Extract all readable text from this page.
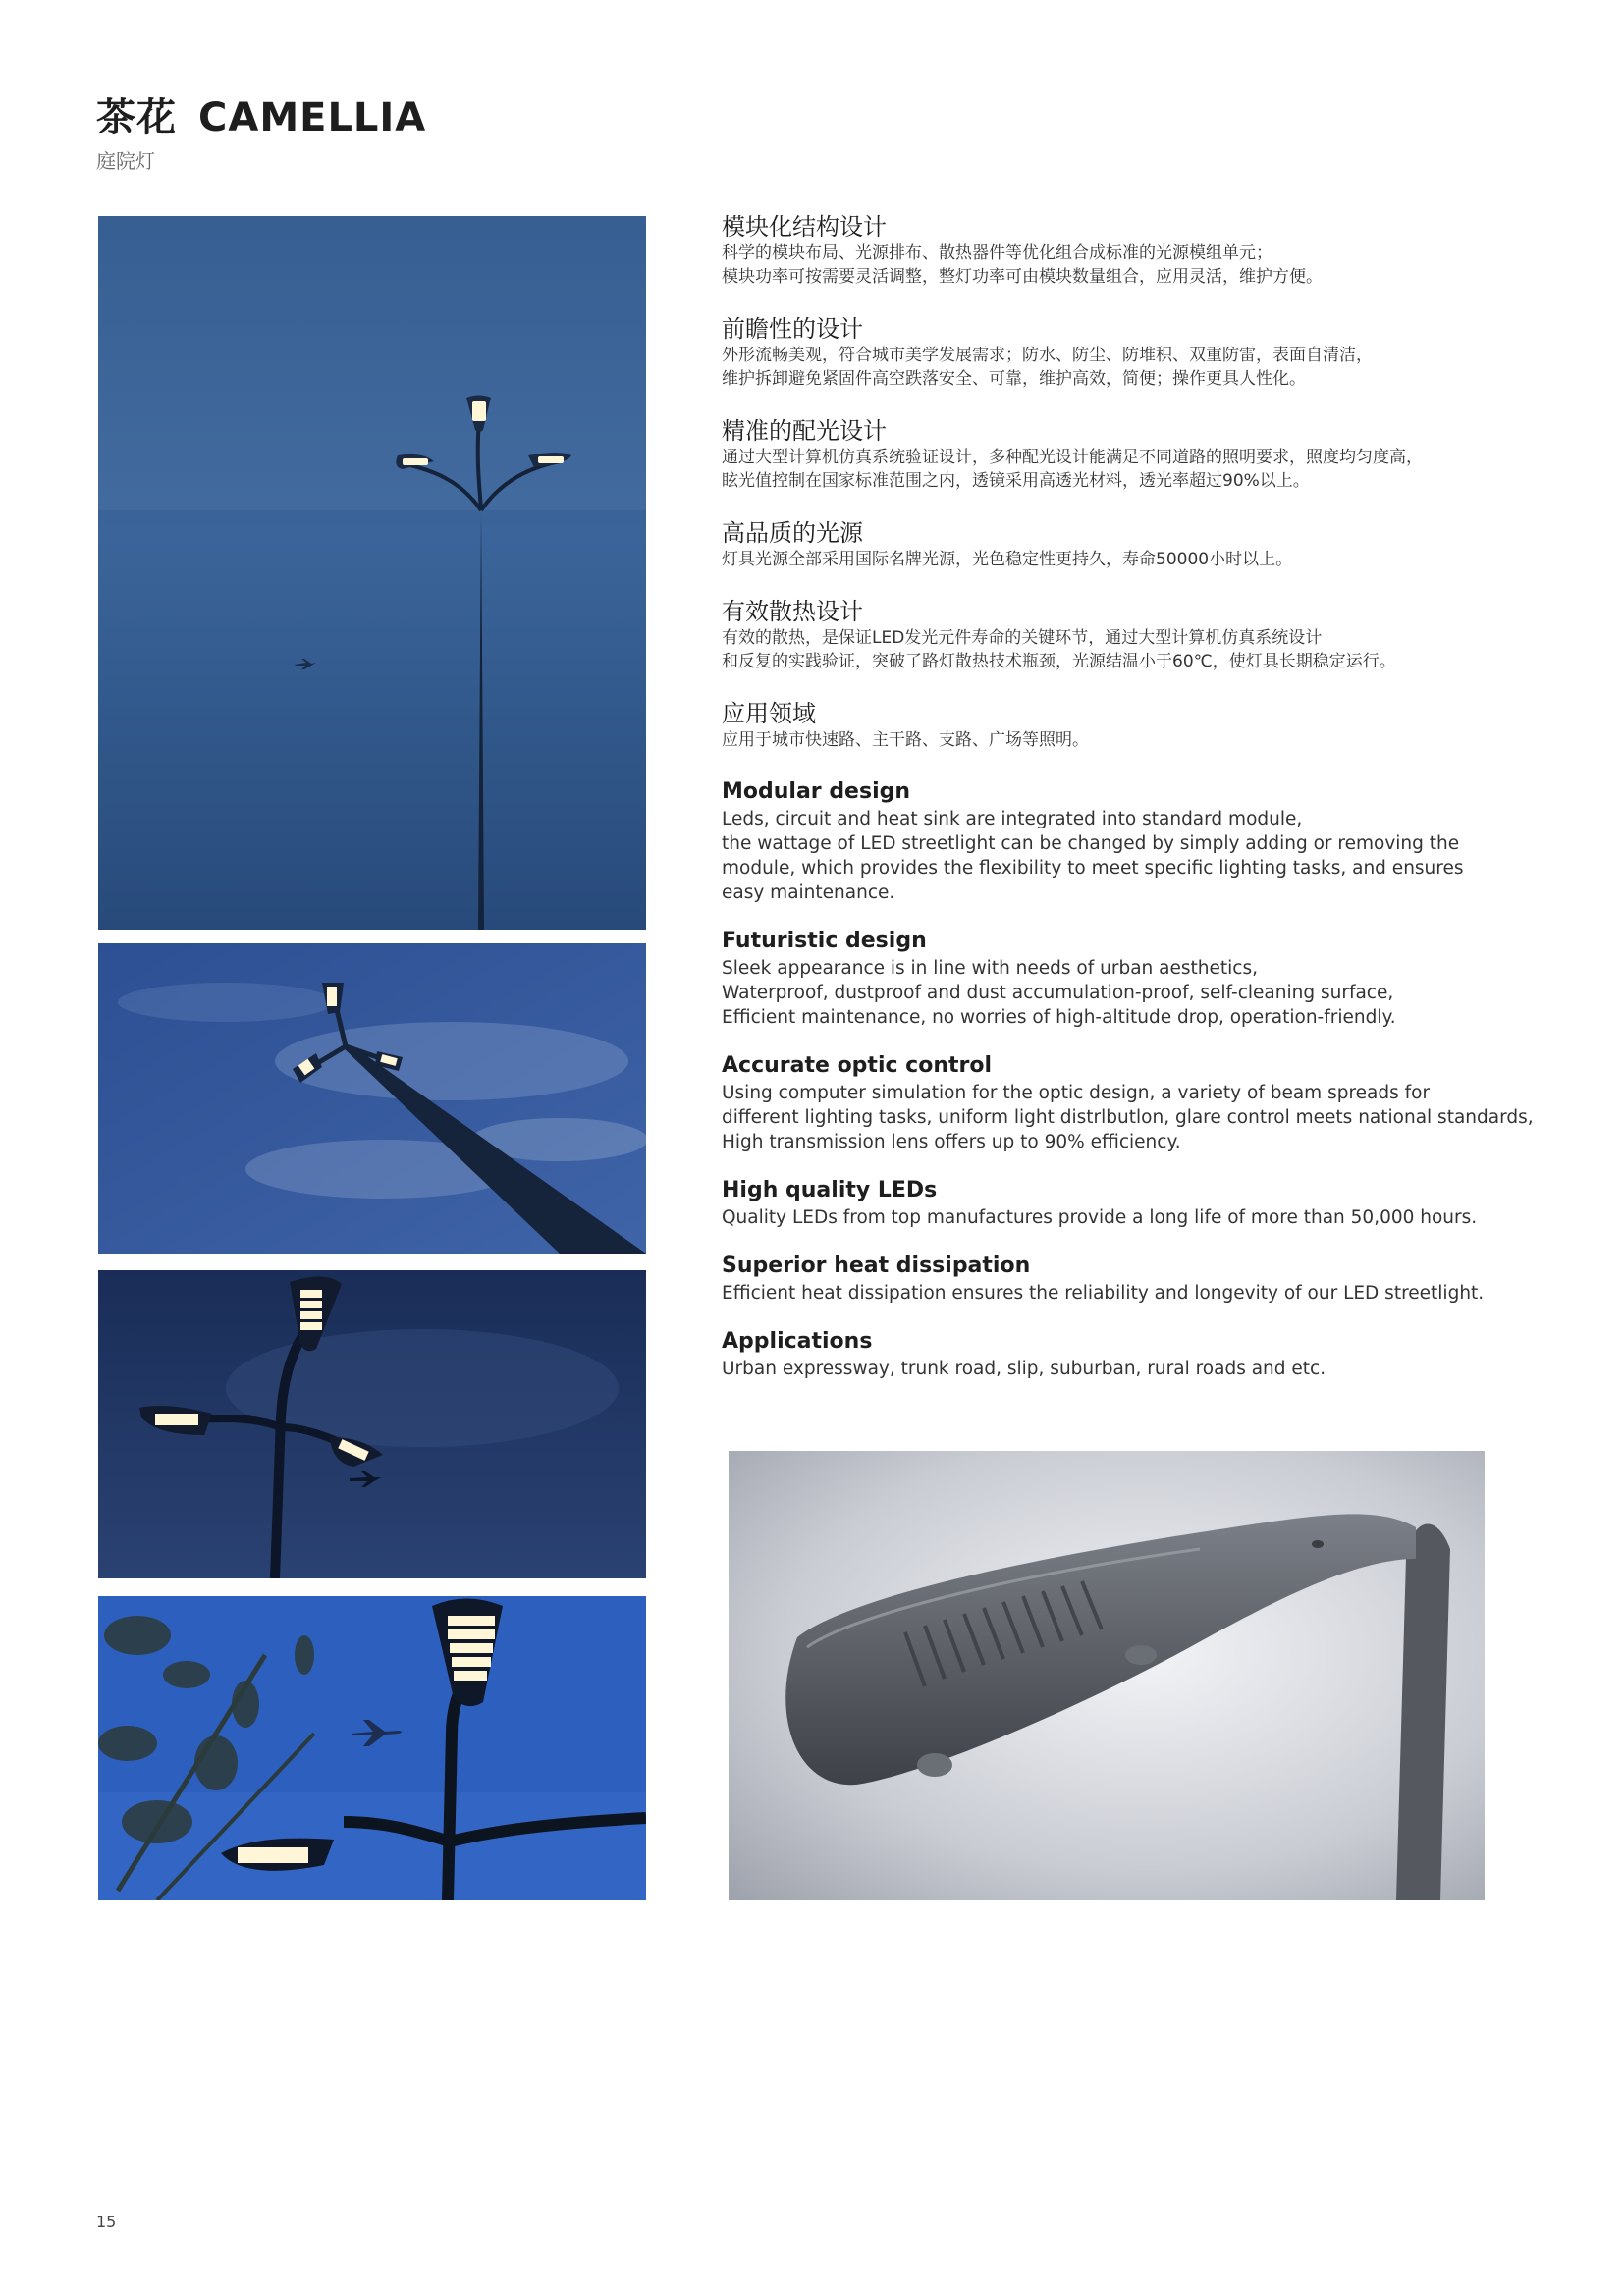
茶花 CAMELLIA
庭院灯
模块化结构设计
科学的模块布局、光源排布、散热器件等优化组合成标准的光源模组单元；
模块功率可按需要灵活调整，整灯功率可由模块数量组合，应用灵活，维护方便。
前瞻性的设计
外形流畅美观，符合城市美学发展需求；防水、防尘、防堆积、双重防雷，表面自清洁，
维护拆卸避免紧固件高空跌落安全、可靠，维护高效，简便；操作更具人性化。
精准的配光设计
通过大型计算机仿真系统验证设计，多种配光设计能满足不同道路的照明要求，照度均匀度高，
眩光值控制在国家标准范围之内，透镜采用高透光材料，透光率超过90%以上。
高品质的光源
灯具光源全部采用国际名牌光源，光色稳定性更持久，寿命50000小时以上。
有效散热设计
有效的散热，是保证LED发光元件寿命的关键环节，通过大型计算机仿真系统设计
和反复的实践验证，突破了路灯散热技术瓶颈，光源结温小于60℃，使灯具长期稳定运行。
应用领域
应用于城市快速路、主干路、支路、广场等照明。
Modular design
Leds, circuit and heat sink are integrated into standard module,
the wattage of LED streetlight can be changed by simply adding or removing the
module, which provides the flexibility to meet specific lighting tasks, and ensures
easy maintenance.
Futuristic design
Sleek appearance is in line with needs of urban aesthetics,
Waterproof, dustproof and dust accumulation-proof, self-cleaning surface,
Efficient maintenance, no worries of high-altitude drop, operation-friendly.
Accurate optic control
Using computer simulation for the optic design, a variety of beam spreads for
different lighting tasks, uniform light distrlbutlon, glare control meets national standards,
High transmission lens offers up to 90% efficiency.
High quality LEDs
Quality LEDs from top manufactures provide a long life of more than 50,000 hours.
Superior heat dissipation
Efficient heat dissipation ensures the reliability and longevity of our LED streetlight.
Applications
Urban expressway, trunk road, slip, suburban, rural roads and etc.
15
